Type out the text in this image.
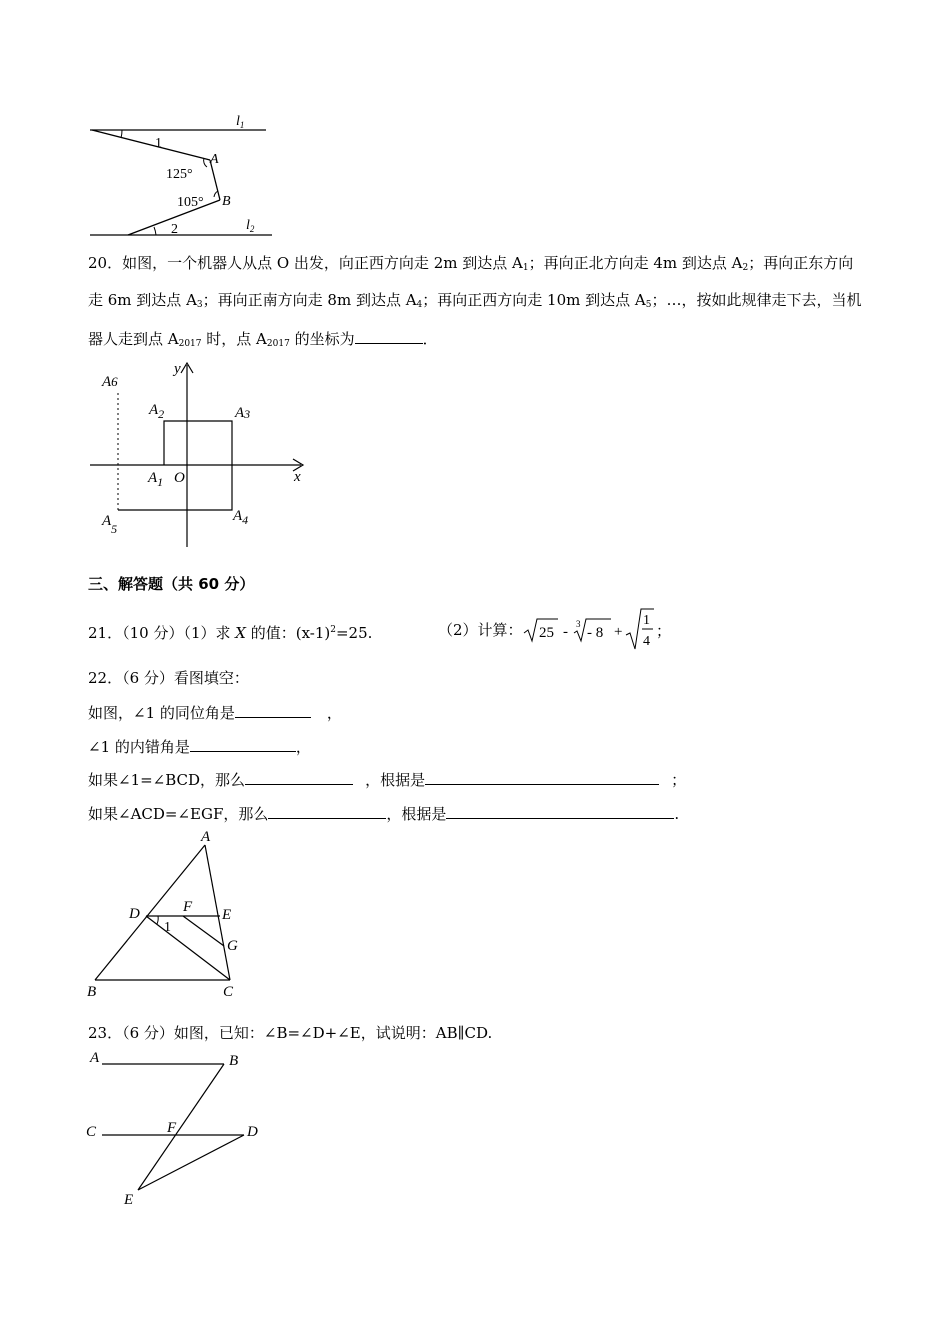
$l_1$
$l_2$
1
2
A
B
125°
105°
20．如图，一个机器人从点 O 出发，向正西方向走 2m 到达点 $A_1$；再向正北方向走 4m 到达点 $A_2$；再向正东方向
走 6m 到达点 $A_3$；再向正南方向走 8m 到达点 $A_4$；再向正西方向走 10m 到达点 $A_5$；…，按如此规律走下去，当机
器人走到点 $A_{2017}$ 时，点 $A_{2017}$ 的坐标为	．
y
x
O
$A_1$
$A_2$	A3
$A_4$
$A_5$
A6
三、解答题（共 60 分）
21．（10 分）（1）求 X 的值：$(x-1)^2=25$.	（2）计算： 25 - 3
- 8 +
1
4
；
22．（6 分）看图填空：
如图，∠1 的同位角是	，
∠1 的内错角是	，
如果∠1=∠BCD，那么	，根据是	；
如果∠ACD=∠EGF，那么	，根据是	.
A
B	C
D	E
F
G
1
23．（6 分）如图，已知：∠B=∠D+∠E，试说明：AB∥CD.
A	B
C	D
E
F
